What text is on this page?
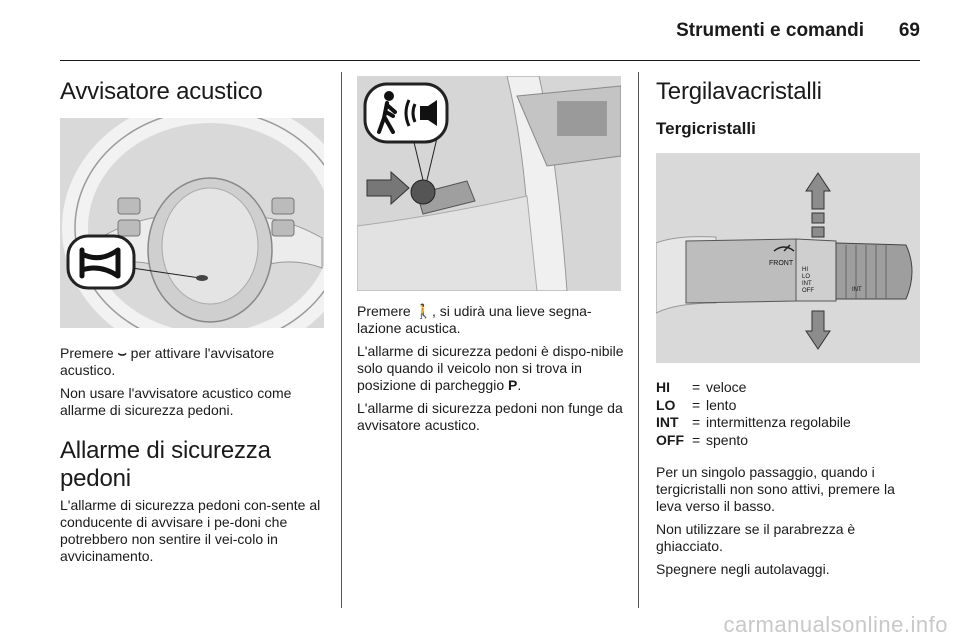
Strumenti e comandi 69
Avvisatore acustico

Premere ⌣ per attivare l'avvisatore acustico.

Non usare l'avvisatore acustico come allarme di sicurezza pedoni.

Allarme di sicurezza pedoni

L'allarme di sicurezza pedoni con-sente al conducente di avvisare i pe-doni che potrebbero non sentire il vei-colo in avvicinamento.

Premere 🚶, si udirà una lieve segna-lazione acustica.

L'allarme di sicurezza pedoni è dispo-nibile solo quando il veicolo non si trova in posizione di parcheggio P.

L'allarme di sicurezza pedoni non funge da avvisatore acustico.

Tergilavacristalli
Tergicristalli
FRONT
HI
LO
INT
OFF	INT
HI	= veloce
LO	= lento
INT = intermittenza regolabile
OFF = spento

Per un singolo passaggio, quando i tergicristalli non sono attivi, premere la leva verso il basso.

Non utilizzare se il parabrezza è ghiacciato.

Spegnere negli autolavaggi.

carmanualsonline.info
